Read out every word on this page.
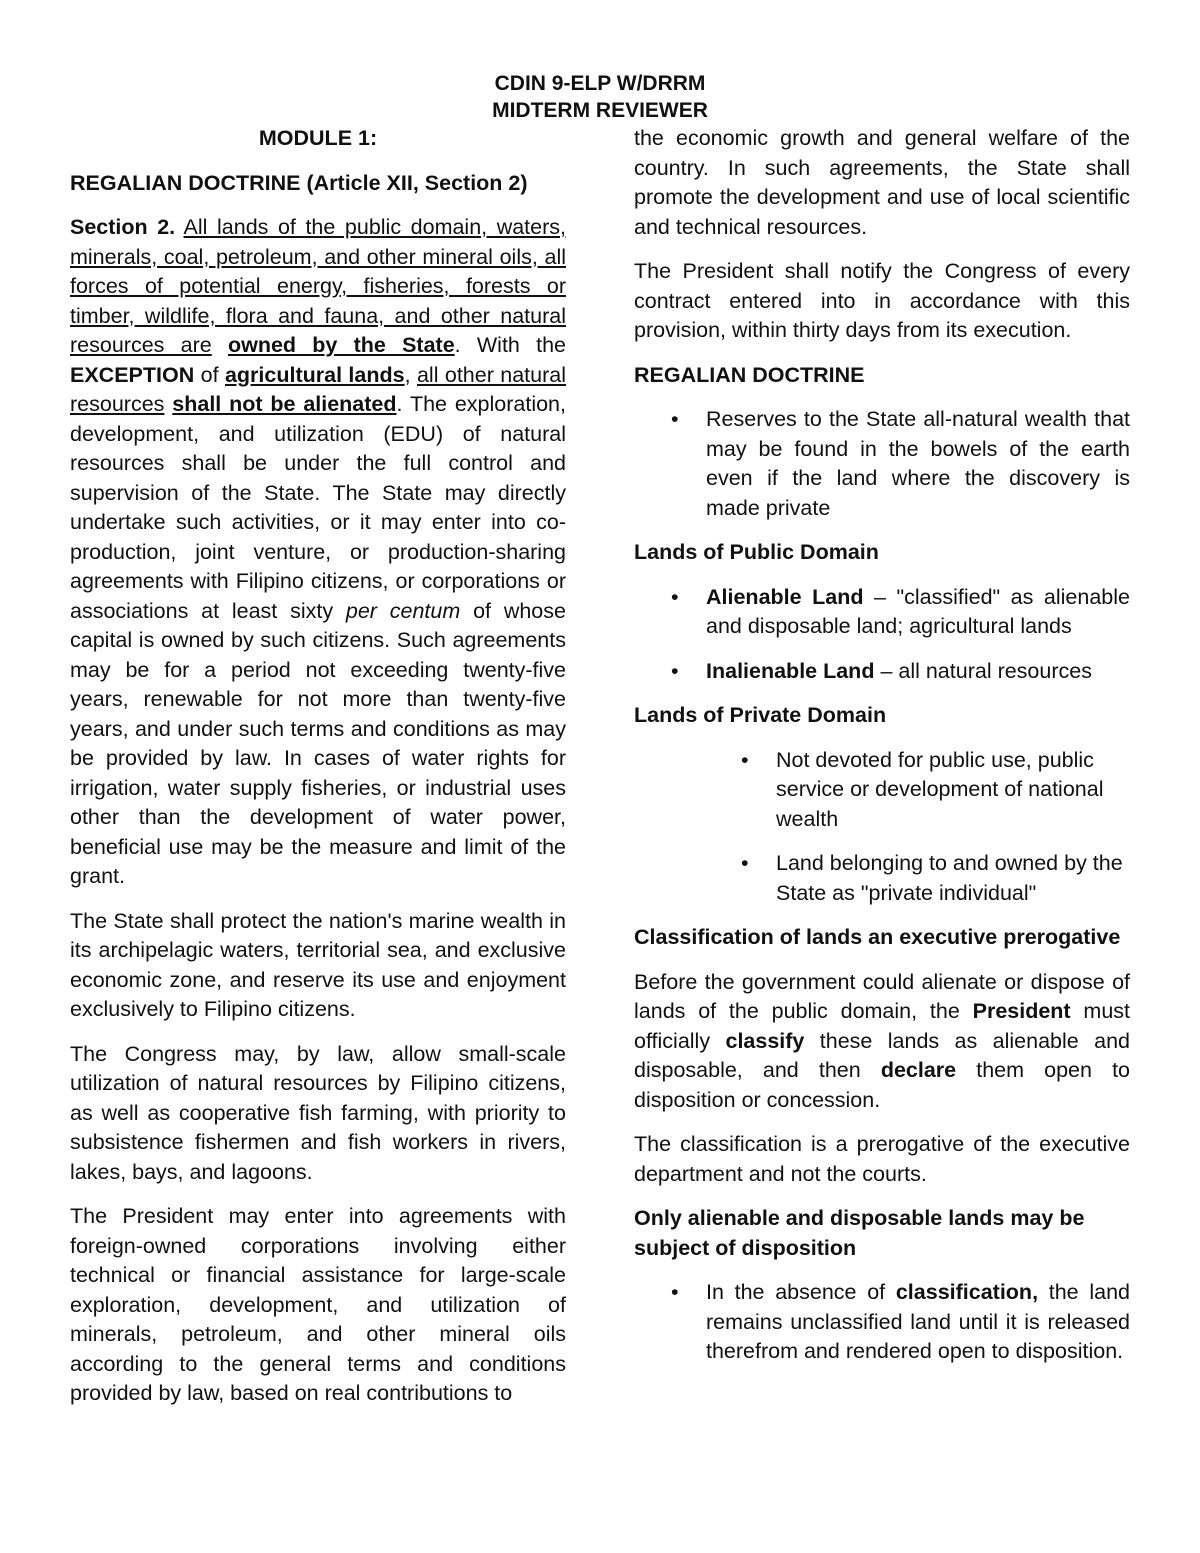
CDIN 9-ELP W/DRRM
MIDTERM REVIEWER

MODULE 1:

REGALIAN DOCTRINE (Article XII, Section 2)

Section 2. All lands of the public domain, waters, minerals, coal, petroleum, and other mineral oils, all forces of potential energy, fisheries, forests or timber, wildlife, flora and fauna, and other natural resources are owned by the State. With the EXCEPTION of agricultural lands, all other natural resources shall not be alienated. The exploration, development, and utilization (EDU) of natural resources shall be under the full control and supervision of the State. The State may directly undertake such activities, or it may enter into co-production, joint venture, or production-sharing agreements with Filipino citizens, or corporations or associations at least sixty per centum of whose capital is owned by such citizens. Such agreements may be for a period not exceeding twenty-five years, renewable for not more than twenty-five years, and under such terms and conditions as may be provided by law. In cases of water rights for irrigation, water supply fisheries, or industrial uses other than the development of water power, beneficial use may be the measure and limit of the grant.

The State shall protect the nation's marine wealth in its archipelagic waters, territorial sea, and exclusive economic zone, and reserve its use and enjoyment exclusively to Filipino citizens.

The Congress may, by law, allow small-scale utilization of natural resources by Filipino citizens, as well as cooperative fish farming, with priority to subsistence fishermen and fish workers in rivers, lakes, bays, and lagoons.

The President may enter into agreements with foreign-owned corporations involving either technical or financial assistance for large-scale exploration, development, and utilization of minerals, petroleum, and other mineral oils according to the general terms and conditions provided by law, based on real contributions to

the economic growth and general welfare of the country. In such agreements, the State shall promote the development and use of local scientific and technical resources.

The President shall notify the Congress of every contract entered into in accordance with this provision, within thirty days from its execution.

REGALIAN DOCTRINE
• Reserves to the State all-natural wealth that may be found in the bowels of the earth even if the land where the discovery is made private
Lands of Public Domain
• Alienable Land – "classified" as alienable and disposable land; agricultural lands
• Inalienable Land – all natural resources
Lands of Private Domain
• Not devoted for public use, public service or development of national wealth
• Land belonging to and owned by the State as "private individual"

Classification of lands an executive prerogative

Before the government could alienate or dispose of lands of the public domain, the President must officially classify these lands as alienable and disposable, and then declare them open to disposition or concession.

The classification is a prerogative of the executive department and not the courts.

Only alienable and disposable lands may be subject of disposition

• In the absence of classification, the land remains unclassified land until it is released therefrom and rendered open to disposition.
